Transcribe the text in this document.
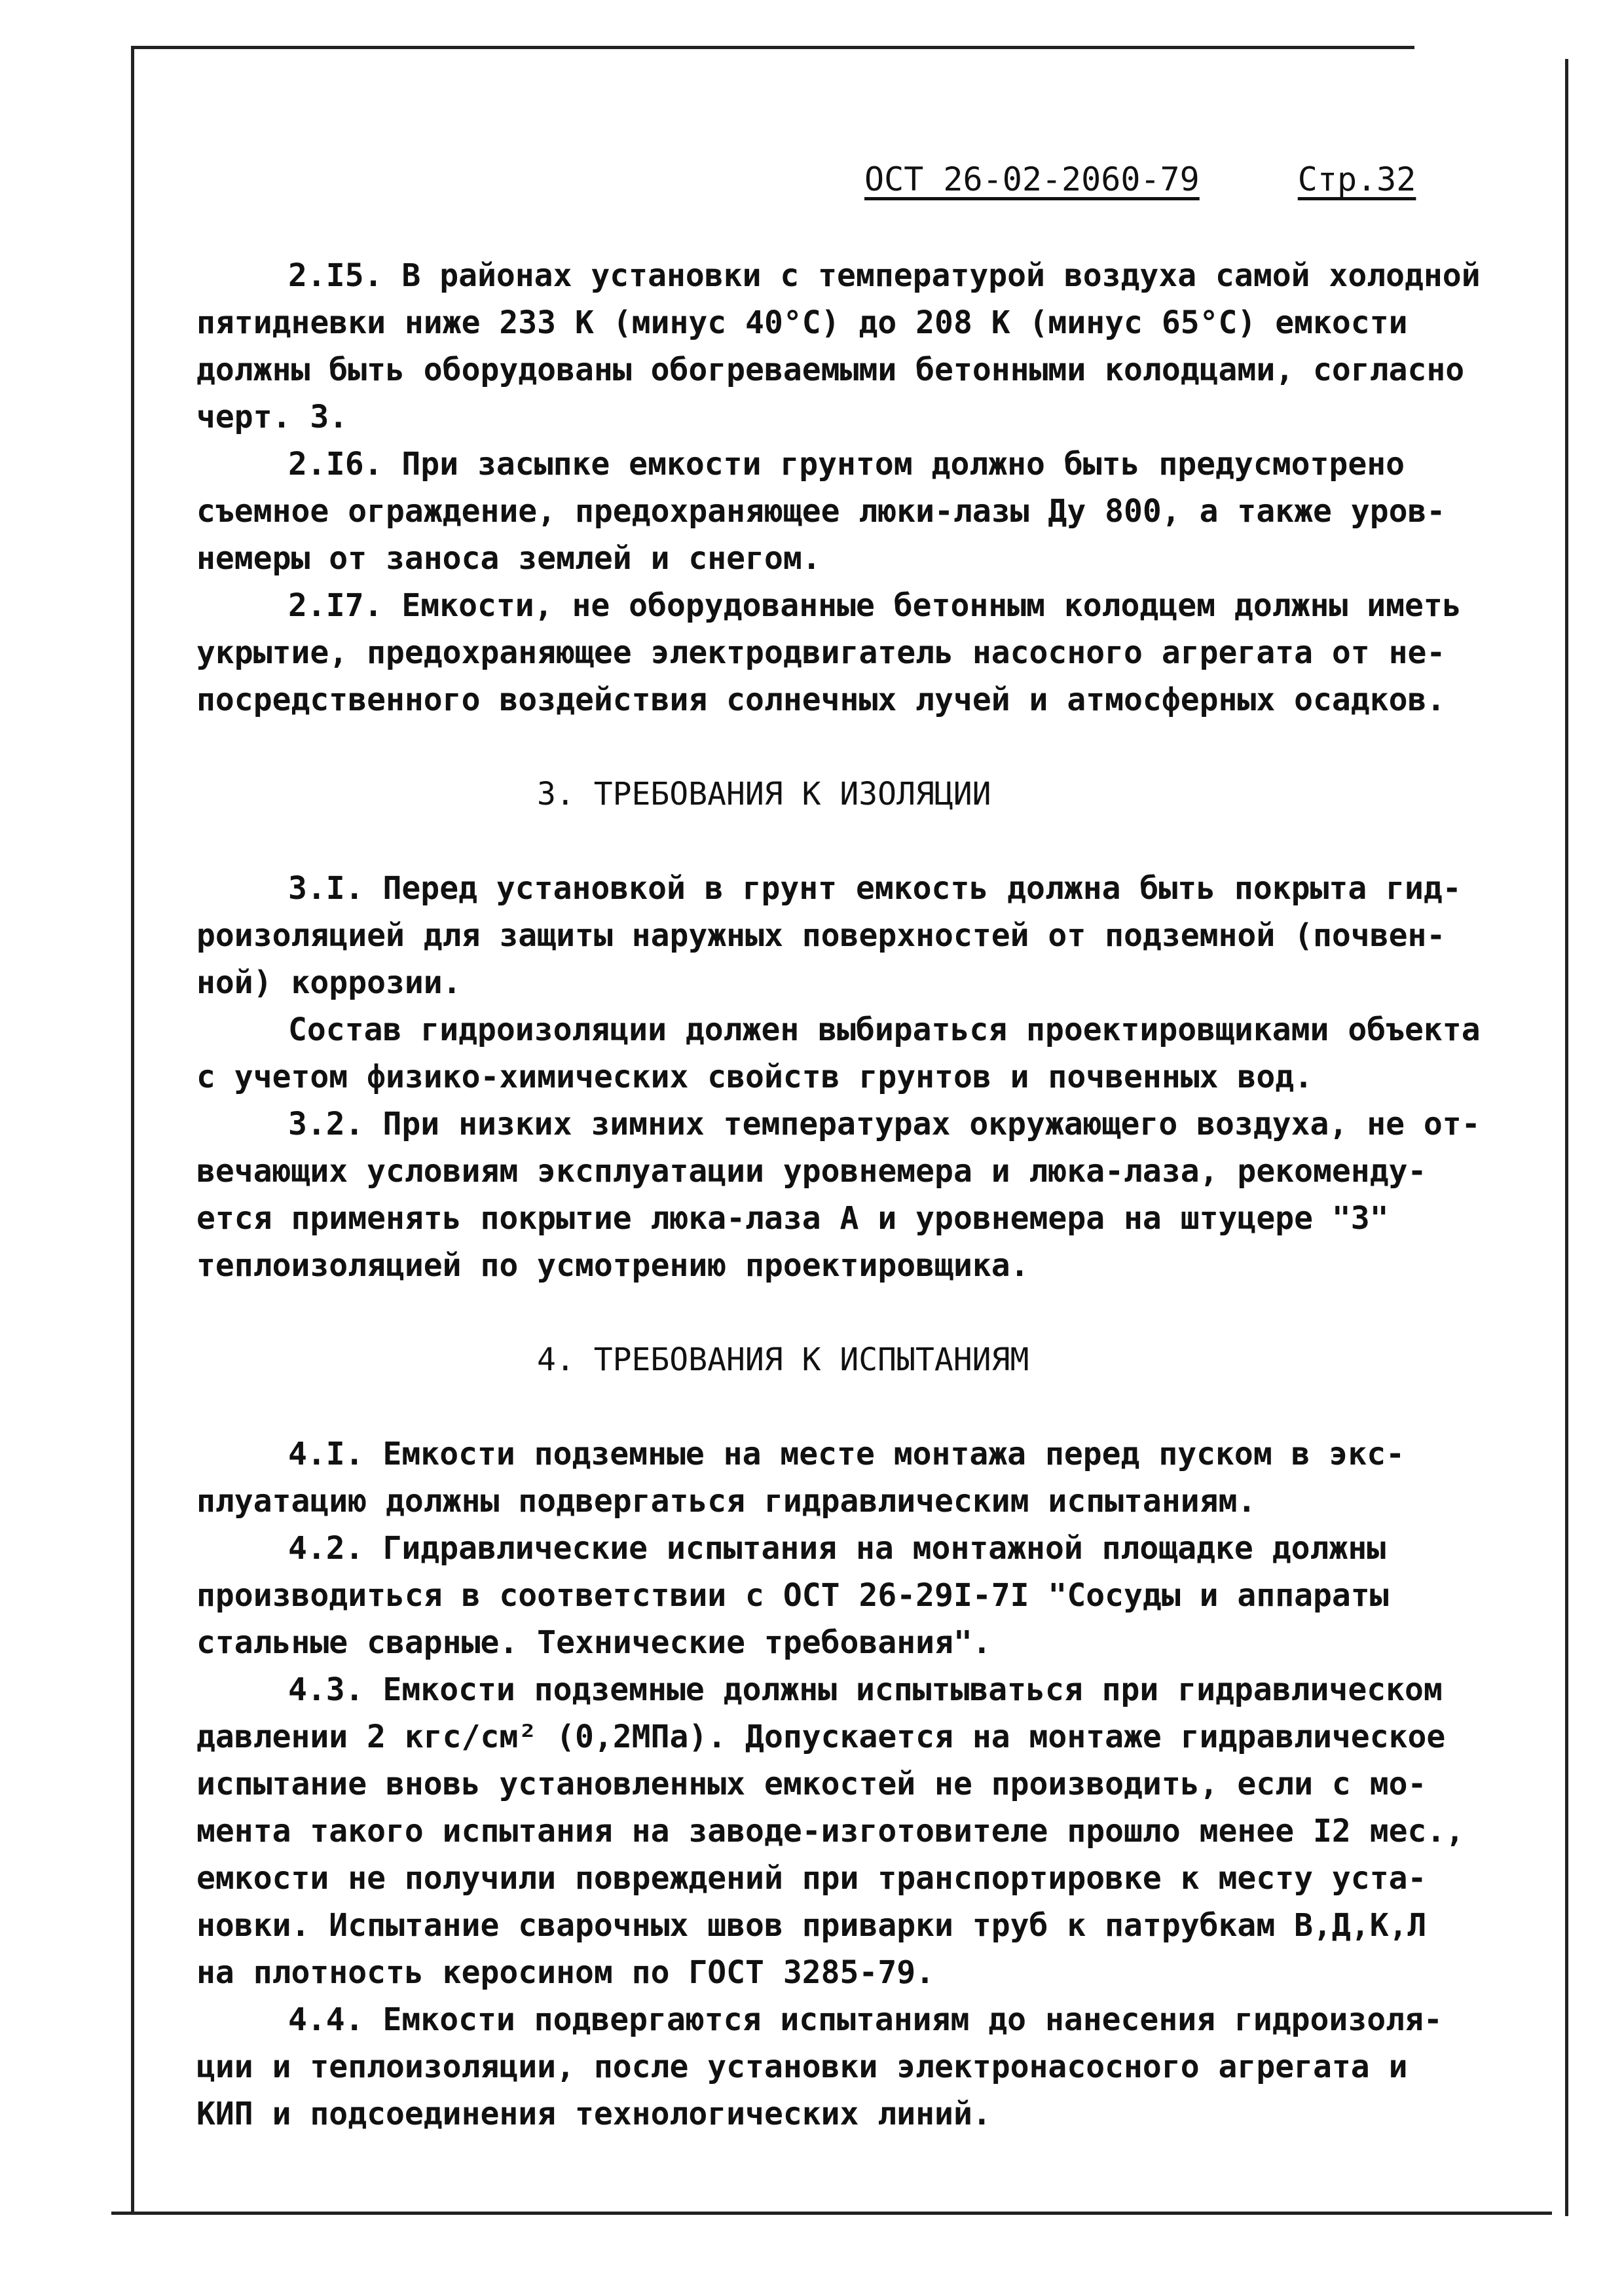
ОСТ 26-02-2060-79	Стр.32

2.I5. В районах установки с температурой воздуха самой холодной

пятидневки ниже 233 К (минус 40°С) до 208 К (минус 65°С) емкости

должны быть оборудованы обогреваемыми бетонными колодцами, согласно

черт. 3.

2.I6. При засыпке емкости грунтом должно быть предусмотрено

съемное ограждение, предохраняющее люки-лазы Ду 800, а также уров-

немеры от заноса землей и снегом.

2.I7. Емкости, не оборудованные бетонным колодцем должны иметь

укрытие, предохраняющее электродвигатель насосного агрегата от не-

посредственного воздействия солнечных лучей и атмосферных осадков.

3. ТРЕБОВАНИЯ К ИЗОЛЯЦИИ

3.I. Перед установкой в грунт емкость должна быть покрыта гид-

роизоляцией для защиты наружных поверхностей от подземной (почвен-

ной) коррозии.

Состав гидроизоляции должен выбираться проектировщиками объекта

с учетом физико-химических свойств грунтов и почвенных вод.

3.2. При низких зимних температурах окружающего воздуха, не от-

вечающих условиям эксплуатации уровнемера и люка-лаза, рекоменду-

ется применять покрытие люка-лаза А и уровнемера на штуцере "З"

теплоизоляцией по усмотрению проектировщика.

4. ТРЕБОВАНИЯ К ИСПЫТАНИЯМ

4.I. Емкости подземные на месте монтажа перед пуском в экс-

плуатацию должны подвергаться гидравлическим испытаниям.

4.2. Гидравлические испытания на монтажной площадке должны

производиться в соответствии с ОСТ 26-29I-7I "Сосуды и аппараты

стальные сварные. Технические требования".

4.3. Емкости подземные должны испытываться при гидравлическом

давлении 2 кгс/см² (0,2МПа). Допускается на монтаже гидравлическое

испытание вновь установленных емкостей не производить, если с мо-

мента такого испытания на заводе-изготовителе прошло менее I2 мес.,

емкости не получили повреждений при транспортировке к месту уста-

новки. Испытание сварочных швов приварки труб к патрубкам В,Д,К,Л

на плотность керосином по ГОСТ 3285-79.

4.4. Емкости подвергаются испытаниям до нанесения гидроизоля-

ции и теплоизоляции, после установки электронасосного агрегата и

КИП и подсоединения технологических линий.
